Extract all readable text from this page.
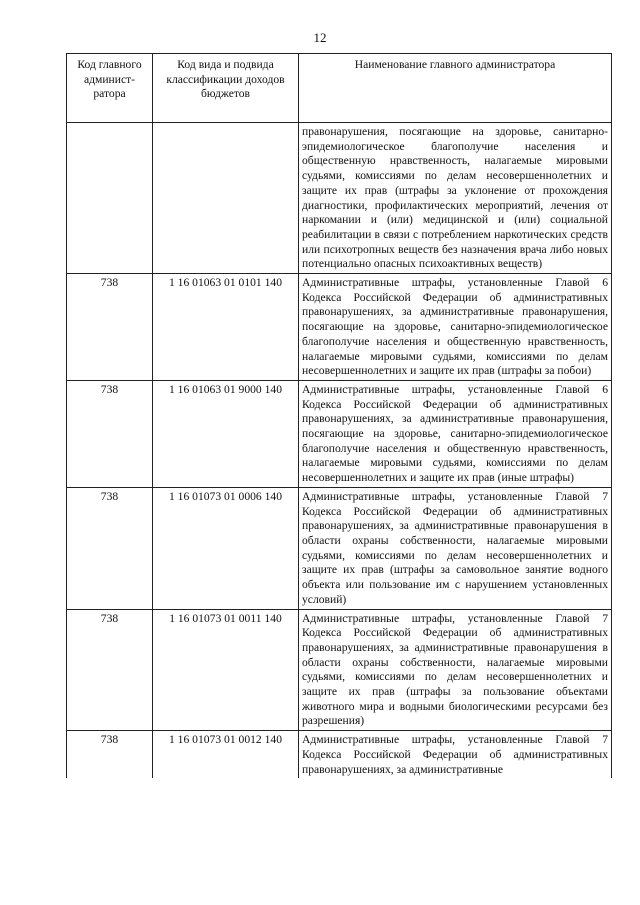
12
Код главного админист-ратора	Код вида и подвида классификации доходов бюджетов	Наименование главного администратора
		правонарушения, посягающие на здоровье, санитарно-эпидемиологическое благополучие населения и общественную нравственность, налагаемые мировыми судьями, комиссиями по делам несовершеннолетних и защите их прав (штрафы за уклонение от прохождения диагностики, профилактических мероприятий, лечения от наркомании и (или) медицинской и (или) социальной реабилитации в связи с потреблением наркотических средств или психотропных веществ без назначения врача либо новых потенциально опасных психоактивных веществ)
738	1 16 01063 01 0101 140	Административные штрафы, установленные Главой 6 Кодекса Российской Федерации об административных правонарушениях, за административные правонарушения, посягающие на здоровье, санитарно-эпидемиологическое благополучие населения и общественную нравственность, налагаемые мировыми судьями, комиссиями по делам несовершеннолетних и защите их прав (штрафы за побои)
738	1 16 01063 01 9000 140	Административные штрафы, установленные Главой 6 Кодекса Российской Федерации об административных правонарушениях, за административные правонарушения, посягающие на здоровье, санитарно-эпидемиологическое благополучие населения и общественную нравственность, налагаемые мировыми судьями, комиссиями по делам несовершеннолетних и защите их прав (иные штрафы)
738	1 16 01073 01 0006 140	Административные штрафы, установленные Главой 7 Кодекса Российской Федерации об административных правонарушениях, за административные правонарушения в области охраны собственности, налагаемые мировыми судьями, комиссиями по делам несовершеннолетних и защите их прав (штрафы за самовольное занятие водного объекта или пользование им с нарушением установленных условий)
738	1 16 01073 01 0011 140	Административные штрафы, установленные Главой 7 Кодекса Российской Федерации об административных правонарушениях, за административные правонарушения в области охраны собственности, налагаемые мировыми судьями, комиссиями по делам несовершеннолетних и защите их прав (штрафы за пользование объектами животного мира и водными биологическими ресурсами без разрешения)
738	1 16 01073 01 0012 140	Административные штрафы, установленные Главой 7 Кодекса Российской Федерации об административных правонарушениях, за административные
